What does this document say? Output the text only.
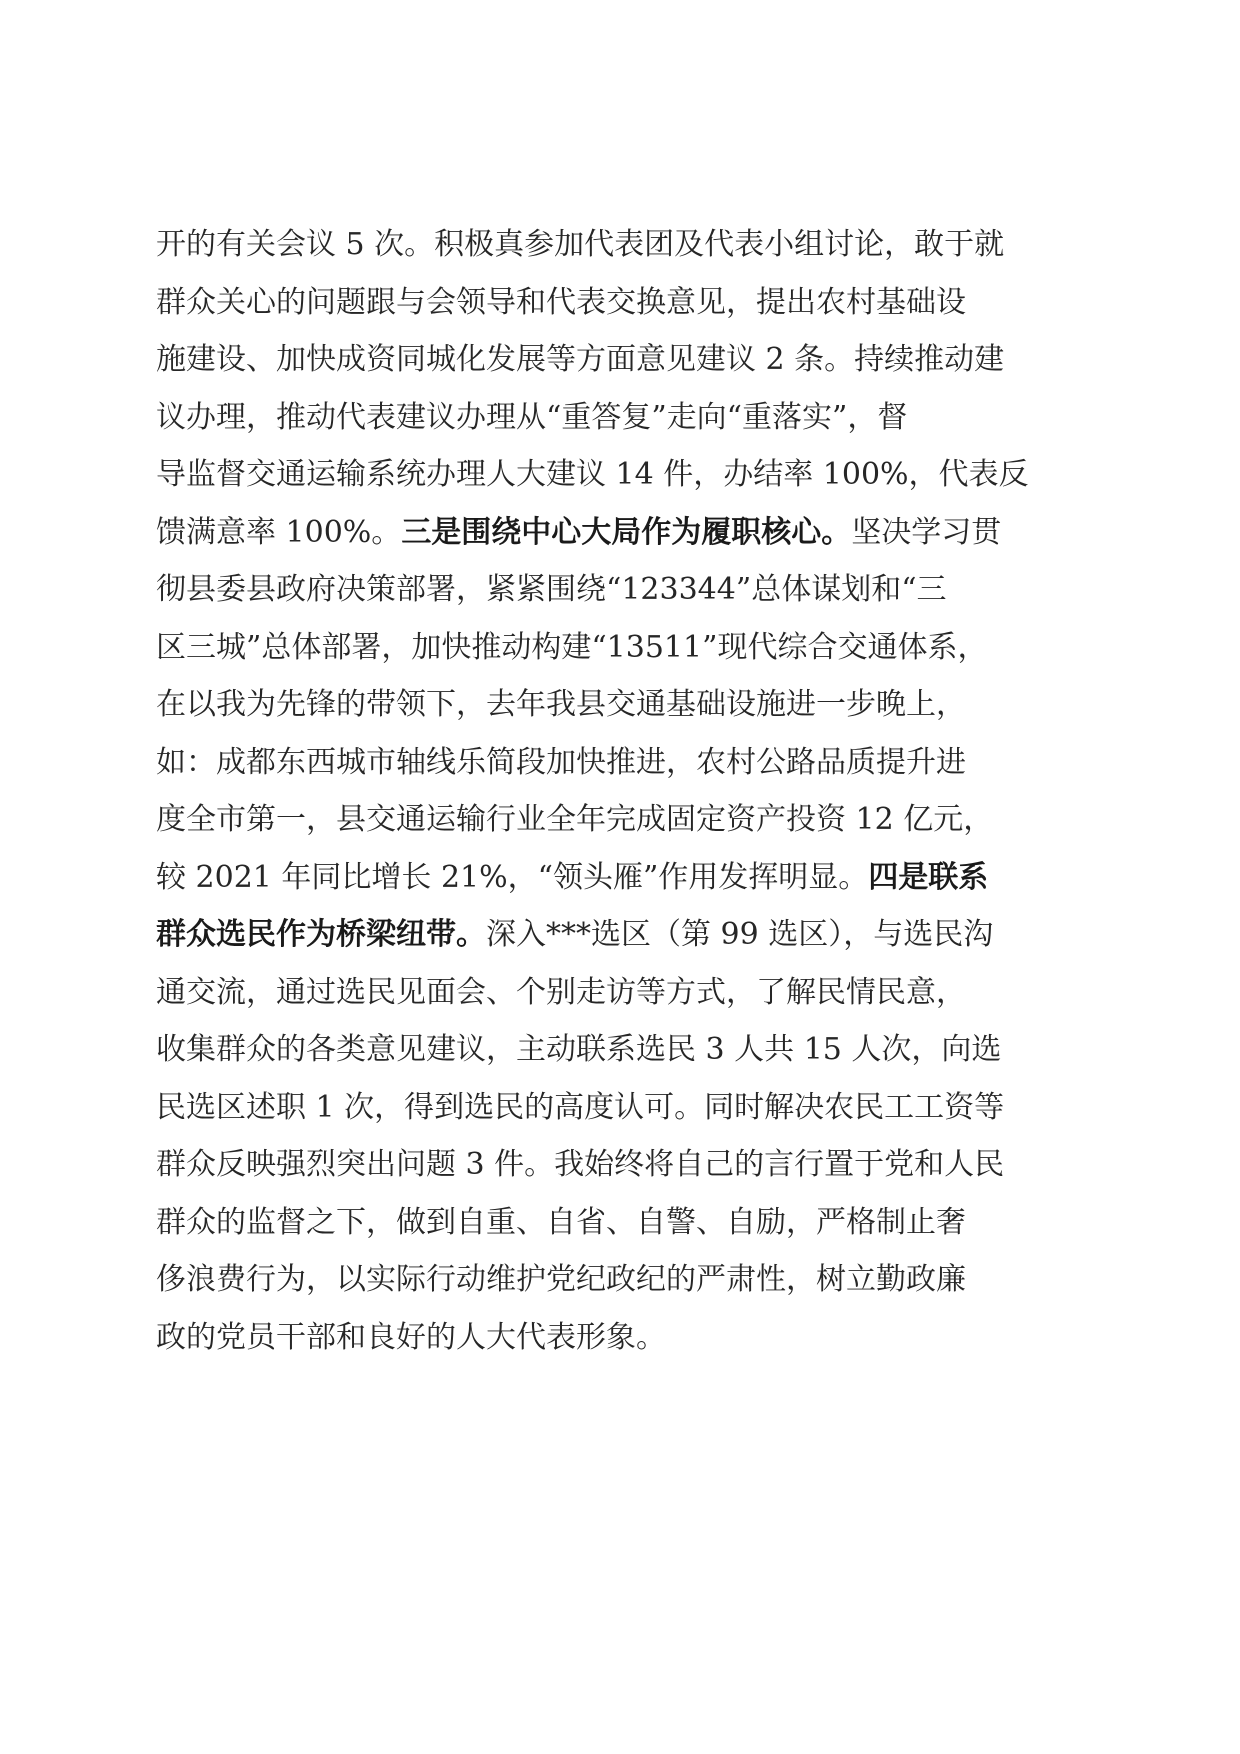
开的有关会议 5 次。积极真参加代表团及代表小组讨论，敢于就
群众关心的问题跟与会领导和代表交换意见，提出农村基础设
施建设、加快成资同城化发展等方面意见建议 2 条。持续推动建
议办理，推动代表建议办理从“重答复”走向“重落实”，督
导监督交通运输系统办理人大建议 14 件，办结率 100%，代表反
馈满意率 100%。三是围绕中心大局作为履职核心。坚决学习贯
彻县委县政府决策部署，紧紧围绕“123344”总体谋划和“三
区三城”总体部署，加快推动构建“13511”现代综合交通体系，
在以我为先锋的带领下，去年我县交通基础设施进一步晚上，
如：成都东西城市轴线乐简段加快推进，农村公路品质提升进
度全市第一，县交通运输行业全年完成固定资产投资 12 亿元，
较 2021 年同比增长 21%，“领头雁”作用发挥明显。四是联系
群众选民作为桥梁纽带。深入***选区（第 99 选区），与选民沟
通交流，通过选民见面会、个别走访等方式，了解民情民意，
收集群众的各类意见建议，主动联系选民 3 人共 15 人次，向选
民选区述职 1 次，得到选民的高度认可。同时解决农民工工资等
群众反映强烈突出问题 3 件。我始终将自己的言行置于党和人民
群众的监督之下，做到自重、自省、自警、自励，严格制止奢
侈浪费行为，以实际行动维护党纪政纪的严肃性，树立勤政廉
政的党员干部和良好的人大代表形象。
